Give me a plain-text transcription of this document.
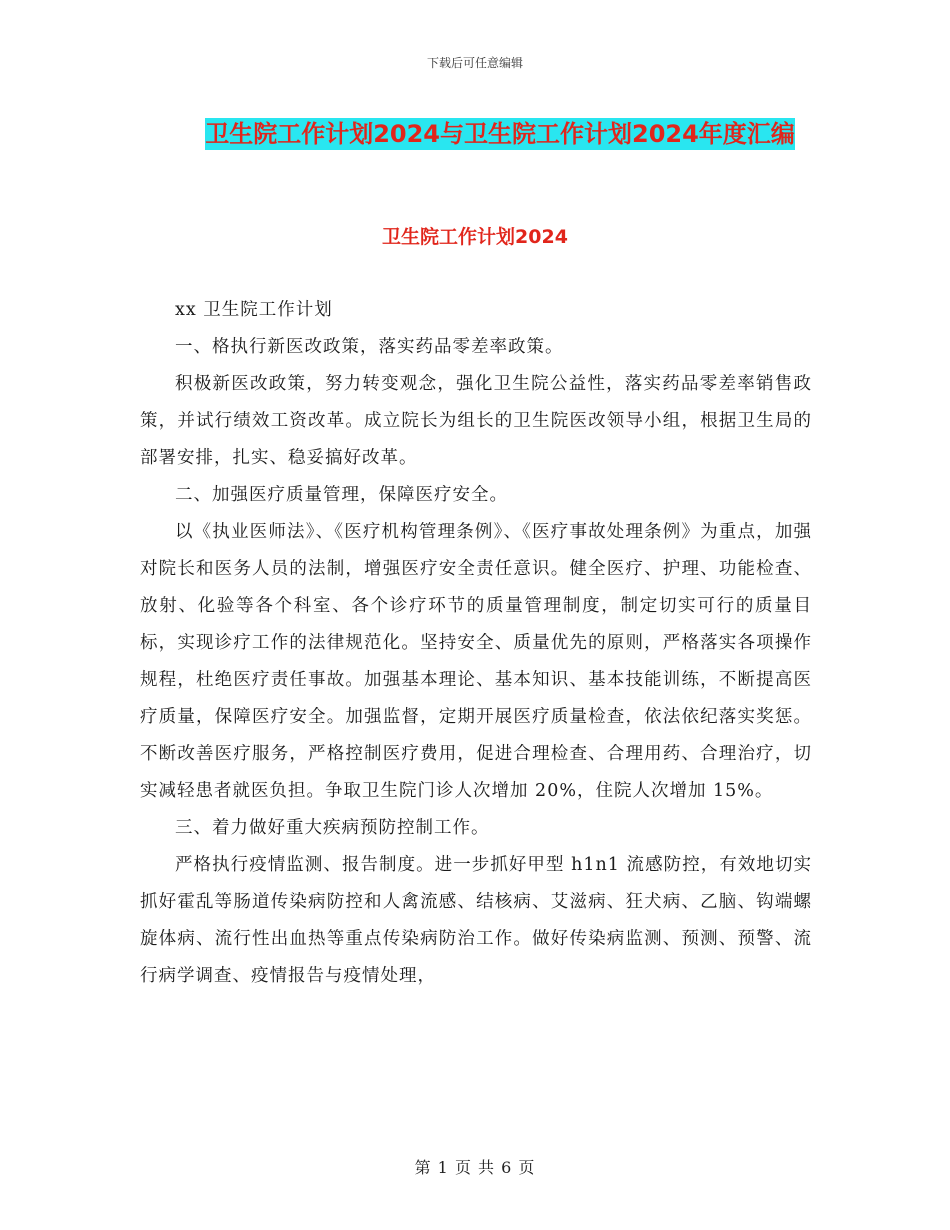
下载后可任意编辑
卫生院工作计划2024与卫生院工作计划2024年度汇编
卫生院工作计划2024

xx 卫生院工作计划

一、格执行新医改政策，落实药品零差率政策。

积极新医改政策，努力转变观念，强化卫生院公益性，落实药品零差率销售政策，并试行绩效工资改革。成立院长为组长的卫生院医改领导小组，根据卫生局的部署安排，扎实、稳妥搞好改革。

二、加强医疗质量管理，保障医疗安全。

以《执业医师法》、《医疗机构管理条例》、《医疗事故处理条例》为重点，加强对院长和医务人员的法制，增强医疗安全责任意识。健全医疗、护理、功能检查、放射、化验等各个科室、各个诊疗环节的质量管理制度，制定切实可行的质量目标，实现诊疗工作的法律规范化。坚持安全、质量优先的原则，严格落实各项操作规程，杜绝医疗责任事故。加强基本理论、基本知识、基本技能训练，不断提高医疗质量，保障医疗安全。加强监督，定期开展医疗质量检查，依法依纪落实奖惩。不断改善医疗服务，严格控制医疗费用，促进合理检查、合理用药、合理治疗，切实减轻患者就医负担。争取卫生院门诊人次增加 20%，住院人次增加 15%。

三、着力做好重大疾病预防控制工作。

严格执行疫情监测、报告制度。进一步抓好甲型 h1n1 流感防控，有效地切实抓好霍乱等肠道传染病防控和人禽流感、结核病、艾滋病、狂犬病、乙脑、钩端螺旋体病、流行性出血热等重点传染病防治工作。做好传染病监测、预测、预警、流行病学调查、疫情报告与疫情处理，

第 1 页 共 6 页
